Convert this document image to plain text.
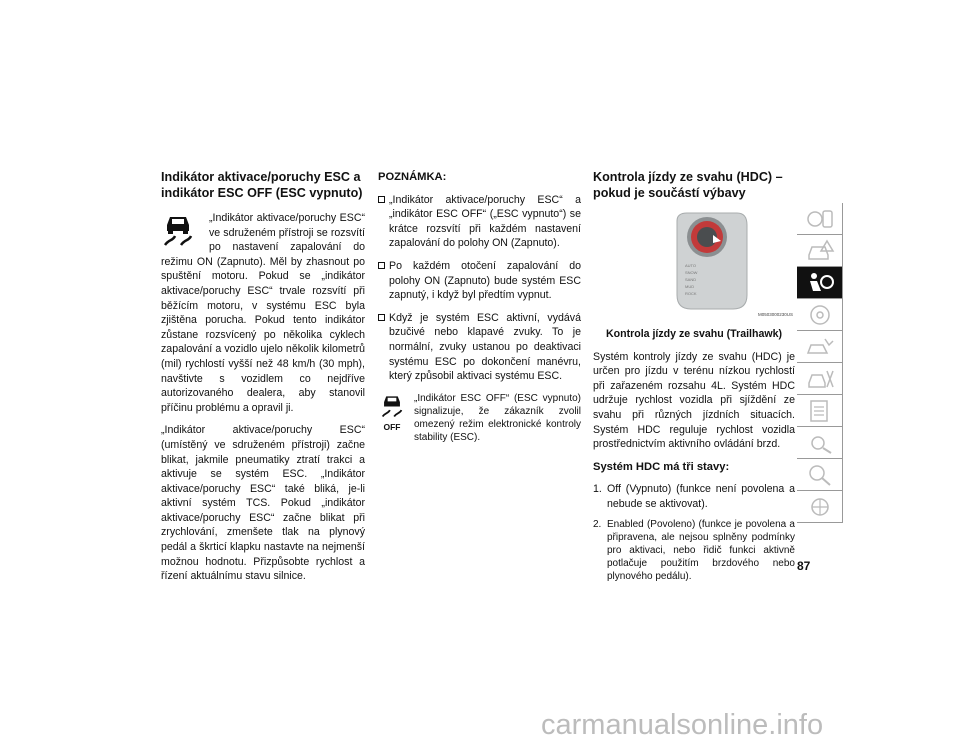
Indikátor aktivace/poruchy ESC a indikátor ESC OFF (ESC vypnuto)

„Indikátor aktivace/poruchy ESC“ ve sdruženém přístroji se rozsvítí po nastavení zapalování do režimu ON (Zapnuto). Měl by zhasnout po spuštění motoru. Pokud se „indikátor aktivace/poruchy ESC“ trvale rozsvítí při běžícím motoru, v systému ESC byla zjištěna porucha. Pokud tento indikátor zůstane rozsvícený po několika cyklech zapalování a vozidlo ujelo několik kilometrů (mil) rychlostí vyšší než 48 km/h (30 mph), navštivte s vozidlem co nejdříve autorizovaného dealera, aby stanovil příčinu problému a opravil ji.

„Indikátor aktivace/poruchy ESC“ (umístěný ve sdruženém přístroji) začne blikat, jakmile pneumatiky ztratí trakci a aktivuje se systém ESC. „Indikátor aktivace/poruchy ESC“ také bliká, je-li aktivní systém TCS. Pokud „indikátor aktivace/poruchy ESC“ začne blikat při zrychlování, zmenšete tlak na plynový pedál a škrticí klapku nastavte na nejmenší možnou hodnotu. Přizpůsobte rychlost a řízení aktuálnímu stavu silnice.

POZNÁMKA:
„Indikátor aktivace/poruchy ESC“ a „indikátor ESC OFF“ („ESC vypnuto“) se krátce rozsvítí při každém nastavení zapalování do polohy ON (Zapnuto).
Po každém otočení zapalování do polohy ON (Zapnuto) bude systém ESC zapnutý, i když byl předtím vypnut.
Když je systém ESC aktivní, vydává bzučivé nebo klapavé zvuky. To je normální, zvuky ustanou po deaktivaci systému ESC po dokončení manévru, který způsobil aktivaci systému ESC.
OFF

„Indikátor ESC OFF“ (ESC vypnuto) signalizuje, že zákazník zvolil omezený režim elektronické kontroly stability (ESC).

Kontrola jízdy ze svahu (HDC) – pokud je součástí výbavy
AUTO
SNOW
SAND
MUD
ROCK
M0503000230US
Kontrola jízdy ze svahu (Trailhawk)

Systém kontroly jízdy ze svahu (HDC) je určen pro jízdu v terénu nízkou rychlostí při zařazeném rozsahu 4L. Systém HDC udržuje rychlost vozidla při sjíždění ze svahu při různých jízdních situacích. Systém HDC reguluje rychlost vozidla prostřednictvím aktivního ovládání brzd.

Systém HDC má tři stavy:
1. Off (Vypnuto) (funkce není povolena a nebude se aktivovat).
2. Enabled (Povoleno) (funkce je povolena a připravena, ale nejsou splněny podmínky pro aktivaci, nebo řidič funkci aktivně potlačuje použitím brzdového nebo plynového pedálu).
87
carmanualsonline.info
